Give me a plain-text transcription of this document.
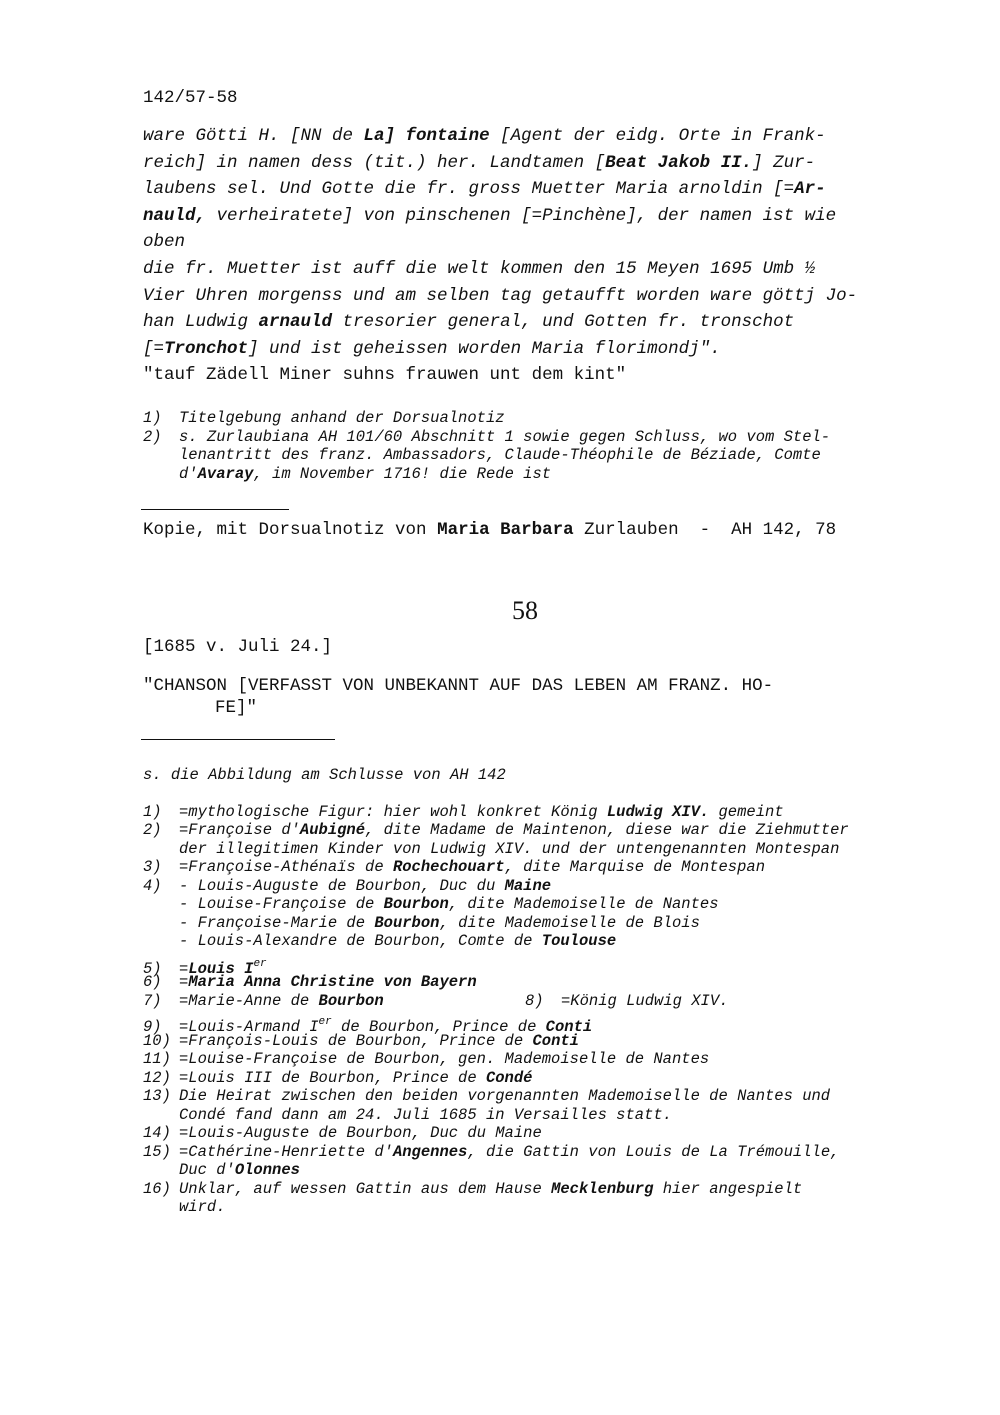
142/57-58
ware Götti H. [NN de La] fontaine [Agent der eidg. Orte in Frank-
reich] in namen dess (tit.) her. Landtamen [Beat Jakob II.] Zur-
laubens sel. Und Gotte die fr. gross Muetter Maria arnoldin [=Ar-
nauld, verheiratete] von pinschenen [=Pinchène], der namen ist wie
oben
die fr. Muetter ist auff die welt kommen den 15 Meyen 1695 Umb ½
Vier Uhren morgenss und am selben tag getaufft worden ware göttj Jo-
han Ludwig arnauld tresorier general, und Gotten fr. tronschot
[=Tronchot] und ist geheissen worden Maria florimondj".
"tauf Zädell Miner suhns frauwen unt dem kint"
1) Titelgebung anhand der Dorsualnotiz
2) s. Zurlaubiana AH 101/60 Abschnitt 1 sowie gegen Schluss, wo vom Stel-
lenantritt des franz. Ambassadors, Claude-Théophile de Béziade, Comte
d'Avaray, im November 1716! die Rede ist
Kopie, mit Dorsualnotiz von Maria Barbara Zurlauben  -  AH 142, 78
58
[1685 v. Juli 24.]
"CHANSON [VERFASST VON UNBEKANNT AUF DAS LEBEN AM FRANZ. HO-
FE]"
s. die Abbildung am Schlusse von AH 142
1) =mythologische Figur: hier wohl konkret König Ludwig XIV. gemeint
2) =Françoise d'Aubigné, dite Madame de Maintenon, diese war die Ziehmutter
der illegitimen Kinder von Ludwig XIV. und der untengenannten Montespan
3) =Françoise-Athénaïs de Rochechouart, dite Marquise de Montespan
4) - Louis-Auguste de Bourbon, Duc du Maine
- Louise-Françoise de Bourbon, dite Mademoiselle de Nantes
- Françoise-Marie de Bourbon, dite Mademoiselle de Blois
- Louis-Alexandre de Bourbon, Comte de Toulouse
5) =Louis Ier
6) =Maria Anna Christine von Bayern
7) =Marie-Anne de Bourbon	8) =König Ludwig XIV.
9) =Louis-Armand Ier de Bourbon, Prince de Conti
10) =François-Louis de Bourbon, Prince de Conti
11) =Louise-Françoise de Bourbon, gen. Mademoiselle de Nantes
12) =Louis III de Bourbon, Prince de Condé
13) Die Heirat zwischen den beiden vorgenannten Mademoiselle de Nantes und
Condé fand dann am 24. Juli 1685 in Versailles statt.
14) =Louis-Auguste de Bourbon, Duc du Maine
15) =Cathérine-Henriette d'Angennes, die Gattin von Louis de La Trémouille,
Duc d'Olonnes
16) Unklar, auf wessen Gattin aus dem Hause Mecklenburg hier angespielt
wird.
